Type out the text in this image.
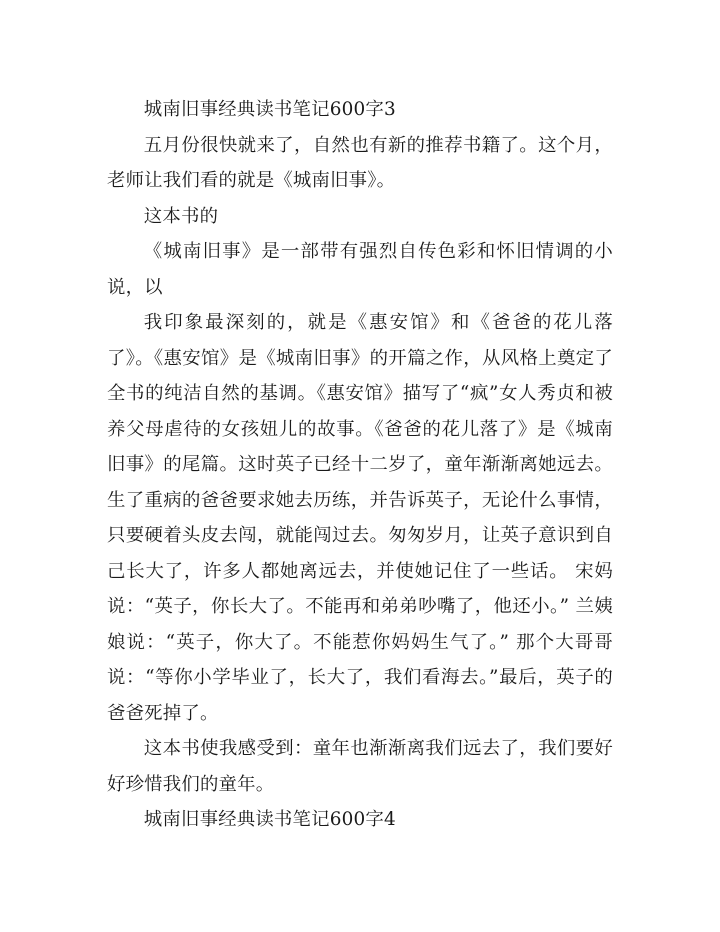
城南旧事经典读书笔记600字3

五月份很快就来了，自然也有新的推荐书籍了。这个月，老师让我们看的就是《城南旧事》。

这本书的

《城南旧事》是一部带有强烈自传色彩和怀旧情调的小说，以

我印象最深刻的，就是《惠安馆》和《爸爸的花儿落了》。《惠安馆》是《城南旧事》的开篇之作，从风格上奠定了全书的纯洁自然的基调。《惠安馆》描写了“疯”女人秀贞和被养父母虐待的女孩妞儿的故事。《爸爸的花儿落了》是《城南旧事》的尾篇。这时英子已经十二岁了，童年渐渐离她远去。生了重病的爸爸要求她去历练，并告诉英子，无论什么事情，只要硬着头皮去闯，就能闯过去。匆匆岁月，让英子意识到自己长大了，许多人都她离远去，并使她记住了一些话。 宋妈说：“英子，你长大了。不能再和弟弟吵嘴了，他还小。” 兰姨娘说：“英子，你大了。不能惹你妈妈生气了。” 那个大哥哥说：“等你小学毕业了，长大了，我们看海去。”最后，英子的爸爸死掉了。

这本书使我感受到：童年也渐渐离我们远去了，我们要好好珍惜我们的童年。

城南旧事经典读书笔记600字4
